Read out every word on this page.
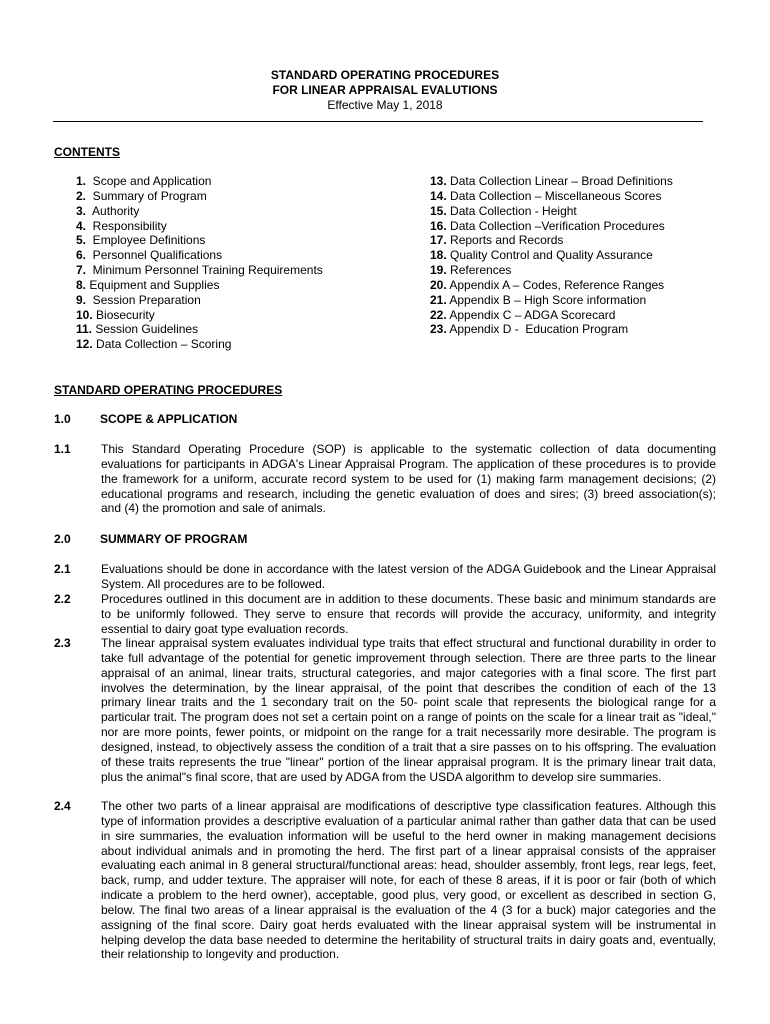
STANDARD OPERATING PROCEDURES
FOR LINEAR APPRAISAL EVALUTIONS
Effective May 1, 2018
CONTENTS
1.  Scope and Application
2.  Summary of Program
3.  Authority
4.  Responsibility
5.  Employee Definitions
6.  Personnel Qualifications
7.  Minimum Personnel Training Requirements
8. Equipment and Supplies
9.  Session Preparation
10. Biosecurity
11. Session Guidelines
12. Data Collection – Scoring
13. Data Collection Linear – Broad Definitions
14. Data Collection – Miscellaneous Scores
15. Data Collection - Height
16. Data Collection –Verification Procedures
17. Reports and Records
18. Quality Control and Quality Assurance
19. References
20. Appendix A – Codes, Reference Ranges
21. Appendix B – High Score information
22. Appendix C – ADGA Scorecard
23. Appendix D -  Education Program
STANDARD OPERATING PROCEDURES
1.0 SCOPE & APPLICATION
1.1	This Standard Operating Procedure (SOP) is applicable to the systematic collection of data documenting evaluations for participants in ADGA's Linear Appraisal Program. The application of these procedures is to provide the framework for a uniform, accurate record system to be used for (1) making farm management decisions; (2) educational programs and research, including the genetic evaluation of does and sires; (3) breed association(s); and (4) the promotion and sale of animals.
2.0 SUMMARY OF PROGRAM
2.1	Evaluations should be done in accordance with the latest version of the ADGA Guidebook and the Linear Appraisal System. All procedures are to be followed.
2.2	Procedures outlined in this document are in addition to these documents. These basic and minimum standards are to be uniformly followed. They serve to ensure that records will provide the accuracy, uniformity, and integrity essential to dairy goat type evaluation records.
2.3	The linear appraisal system evaluates individual type traits that effect structural and functional durability in order to take full advantage of the potential for genetic improvement through selection. There are three parts to the linear appraisal of an animal, linear traits, structural categories, and major categories with a final score. The first part involves the determination, by the linear appraisal, of the point that describes the condition of each of the 13 primary linear traits and the 1 secondary trait on the 50- point scale that represents the biological range for a particular trait. The program does not set a certain point on a range of points on the scale for a linear trait as "ideal," nor are more points, fewer points, or midpoint on the range for a trait necessarily more desirable. The program is designed, instead, to objectively assess the condition of a trait that a sire passes on to his offspring. The evaluation of these traits represents the true "linear" portion of the linear appraisal program. It is the primary linear trait data, plus the animal"s final score, that are used by ADGA from the USDA algorithm to develop sire summaries.
2.4	The other two parts of a linear appraisal are modifications of descriptive type classification features. Although this type of information provides a descriptive evaluation of a particular animal rather than gather data that can be used in sire summaries, the evaluation information will be useful to the herd owner in making management decisions about individual animals and in promoting the herd. The first part of a linear appraisal consists of the appraiser evaluating each animal in 8 general structural/functional areas: head, shoulder assembly, front legs, rear legs, feet, back, rump, and udder texture. The appraiser will note, for each of these 8 areas, if it is poor or fair (both of which indicate a problem to the herd owner), acceptable, good plus, very good, or excellent as described in section G, below. The final two areas of a linear appraisal is the evaluation of the 4 (3 for a buck) major categories and the assigning of the final score. Dairy goat herds evaluated with the linear appraisal system will be instrumental in helping develop the data base needed to determine the heritability of structural traits in dairy goats and, eventually, their relationship to longevity and production.
